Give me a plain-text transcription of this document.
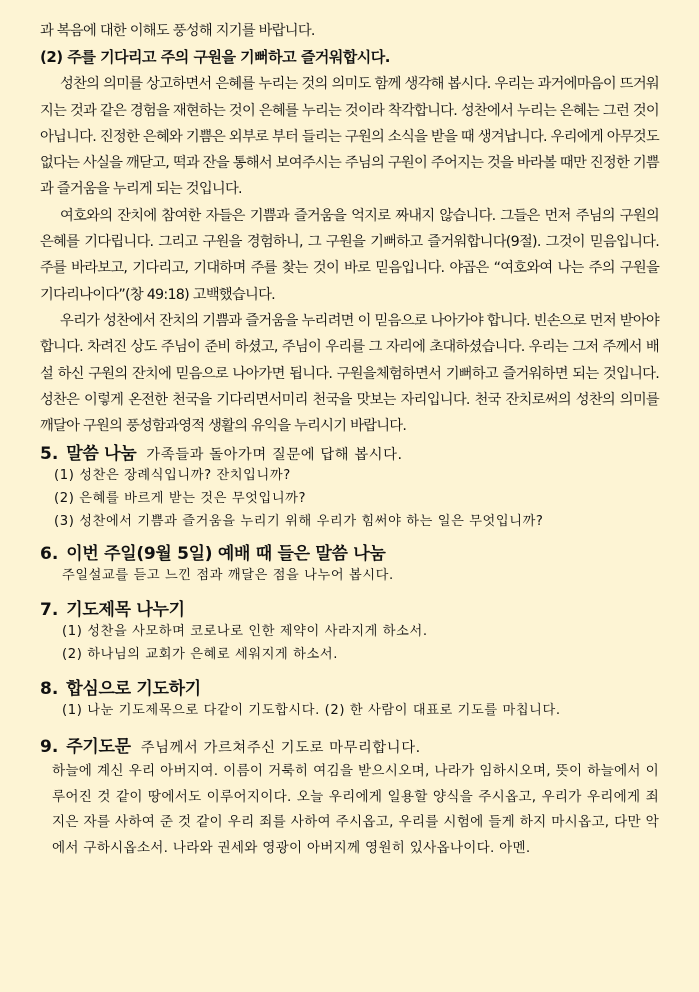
과 복음에 대한 이해도 풍성해 지기를 바랍니다.

(2) 주를 기다리고 주의 구원을 기뻐하고 즐거워합시다.

성찬의 의미를 상고하면서 은혜를 누리는 것의 의미도 함께 생각해 봅시다. 우리는 과거에마음이 뜨거워지는 것과 같은 경험을 재현하는 것이 은혜를 누리는 것이라 착각합니다. 성찬에서 누리는 은혜는 그런 것이 아닙니다. 진정한 은혜와 기쁨은 외부로 부터 들리는 구원의 소식을 받을 때 생겨납니다. 우리에게 아무것도 없다는 사실을 깨닫고, 떡과 잔을 통해서 보여주시는 주님의 구원이 주어지는 것을 바라볼 때만 진정한 기쁨과 즐거움을 누리게 되는 것입니다.

여호와의 잔치에 참여한 자들은 기쁨과 즐거움을 억지로 짜내지 않습니다. 그들은 먼저 주님의 구원의 은혜를 기다립니다. 그리고 구원을 경험하니, 그 구원을 기뻐하고 즐거워합니다(9절). 그것이 믿음입니다. 주를 바라보고, 기다리고, 기대하며 주를 찾는 것이 바로 믿음입니다. 야곱은 “여호와여 나는 주의 구원을 기다리나이다”(창 49:18) 고백했습니다.

우리가 성찬에서 잔치의 기쁨과 즐거움을 누리려면 이 믿음으로 나아가야 합니다. 빈손으로 먼저 받아야 합니다. 차려진 상도 주님이 준비 하셨고, 주님이 우리를 그 자리에 초대하셨습니다. 우리는 그저 주께서 배설 하신 구원의 잔치에 믿음으로 나아가면 됩니다. 구원을체험하면서 기뻐하고 즐거워하면 되는 것입니다. 성찬은 이렇게 온전한 천국을 기다리면서미리 천국을 맛보는 자리입니다. 천국 잔치로써의 성찬의 의미를 깨달아 구원의 풍성함과영적 생활의 유익을 누리시기 바랍니다.

5. 말씀 나눔 가족들과 돌아가며 질문에 답해 봅시다.

(1) 성찬은 장례식입니까? 잔치입니까?

(2) 은혜를 바르게 받는 것은 무엇입니까?

(3) 성찬에서 기쁨과 즐거움을 누리기 위해 우리가 힘써야 하는 일은 무엇입니까?

6. 이번 주일(9월 5일) 예배 때 들은 말씀 나눔

주일설교를 듣고 느낀 점과 깨달은 점을 나누어 봅시다.

7. 기도제목 나누기

(1) 성찬을 사모하며 코로나로 인한 제약이 사라지게 하소서.

(2) 하나님의 교회가 은혜로 세워지게 하소서.

8. 합심으로 기도하기

(1) 나눈 기도제목으로 다같이 기도합시다. (2) 한 사람이 대표로 기도를 마칩니다.

9. 주기도문 주님께서 가르쳐주신 기도로 마무리합니다.

하늘에 계신 우리 아버지여. 이름이 거룩히 여김을 받으시오며, 나라가 임하시오며, 뜻이 하늘에서 이루어진 것 같이 땅에서도 이루어지이다. 오늘 우리에게 일용할 양식을 주시옵고, 우리가 우리에게 죄 지은 자를 사하여 준 것 같이 우리 죄를 사하여 주시옵고, 우리를 시험에 들게 하지 마시옵고, 다만 악에서 구하시옵소서. 나라와 권세와 영광이 아버지께 영원히 있사옵나이다. 아멘.
